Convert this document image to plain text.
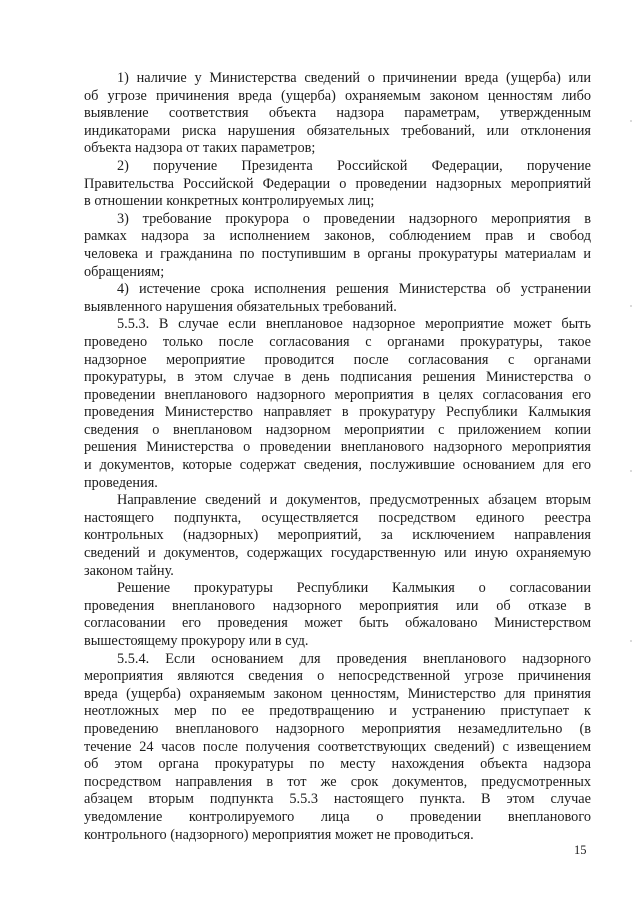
1) наличие у Министерства сведений о причинении вреда (ущерба) или
об угрозе причинения вреда (ущерба) охраняемым законом ценностям либо
выявление соответствия объекта надзора параметрам, утвержденным
индикаторами риска нарушения обязательных требований, или отклонения
объекта надзора от таких параметров;
2) поручение Президента Российской Федерации, поручение
Правительства Российской Федерации о проведении надзорных мероприятий
в отношении конкретных контролируемых лиц;
3) требование прокурора о проведении надзорного мероприятия в
рамках надзора за исполнением законов, соблюдением прав и свобод
человека и гражданина по поступившим в органы прокуратуры материалам и
обращениям;
4) истечение срока исполнения решения Министерства об устранении
выявленного нарушения обязательных требований.
5.5.3. В случае если внеплановое надзорное мероприятие может быть
проведено только после согласования с органами прокуратуры, такое
надзорное мероприятие проводится после согласования с органами
прокуратуры, в этом случае в день подписания решения Министерства о
проведении внепланового надзорного мероприятия в целях согласования его
проведения Министерство направляет в прокуратуру Республики Калмыкия
сведения о внеплановом надзорном мероприятии с приложением копии
решения Министерства о проведении внепланового надзорного мероприятия
и документов, которые содержат сведения, послужившие основанием для его
проведения.
Направление сведений и документов, предусмотренных абзацем вторым
настоящего подпункта, осуществляется посредством единого реестра
контрольных (надзорных) мероприятий, за исключением направления
сведений и документов, содержащих государственную или иную охраняемую
законом тайну.
Решение прокуратуры Республики Калмыкия о согласовании
проведения внепланового надзорного мероприятия или об отказе в
согласовании его проведения может быть обжаловано Министерством
вышестоящему прокурору или в суд.
5.5.4. Если основанием для проведения внепланового надзорного
мероприятия являются сведения о непосредственной угрозе причинения
вреда (ущерба) охраняемым законом ценностям, Министерство для принятия
неотложных мер по ее предотвращению и устранению приступает к
проведению внепланового надзорного мероприятия незамедлительно (в
течение 24 часов после получения соответствующих сведений) с извещением
об этом органа прокуратуры по месту нахождения объекта надзора
посредством направления в тот же срок документов, предусмотренных
абзацем вторым подпункта 5.5.3 настоящего пункта. В этом случае
уведомление контролируемого лица о проведении внепланового
контрольного (надзорного) мероприятия может не проводиться.
15
